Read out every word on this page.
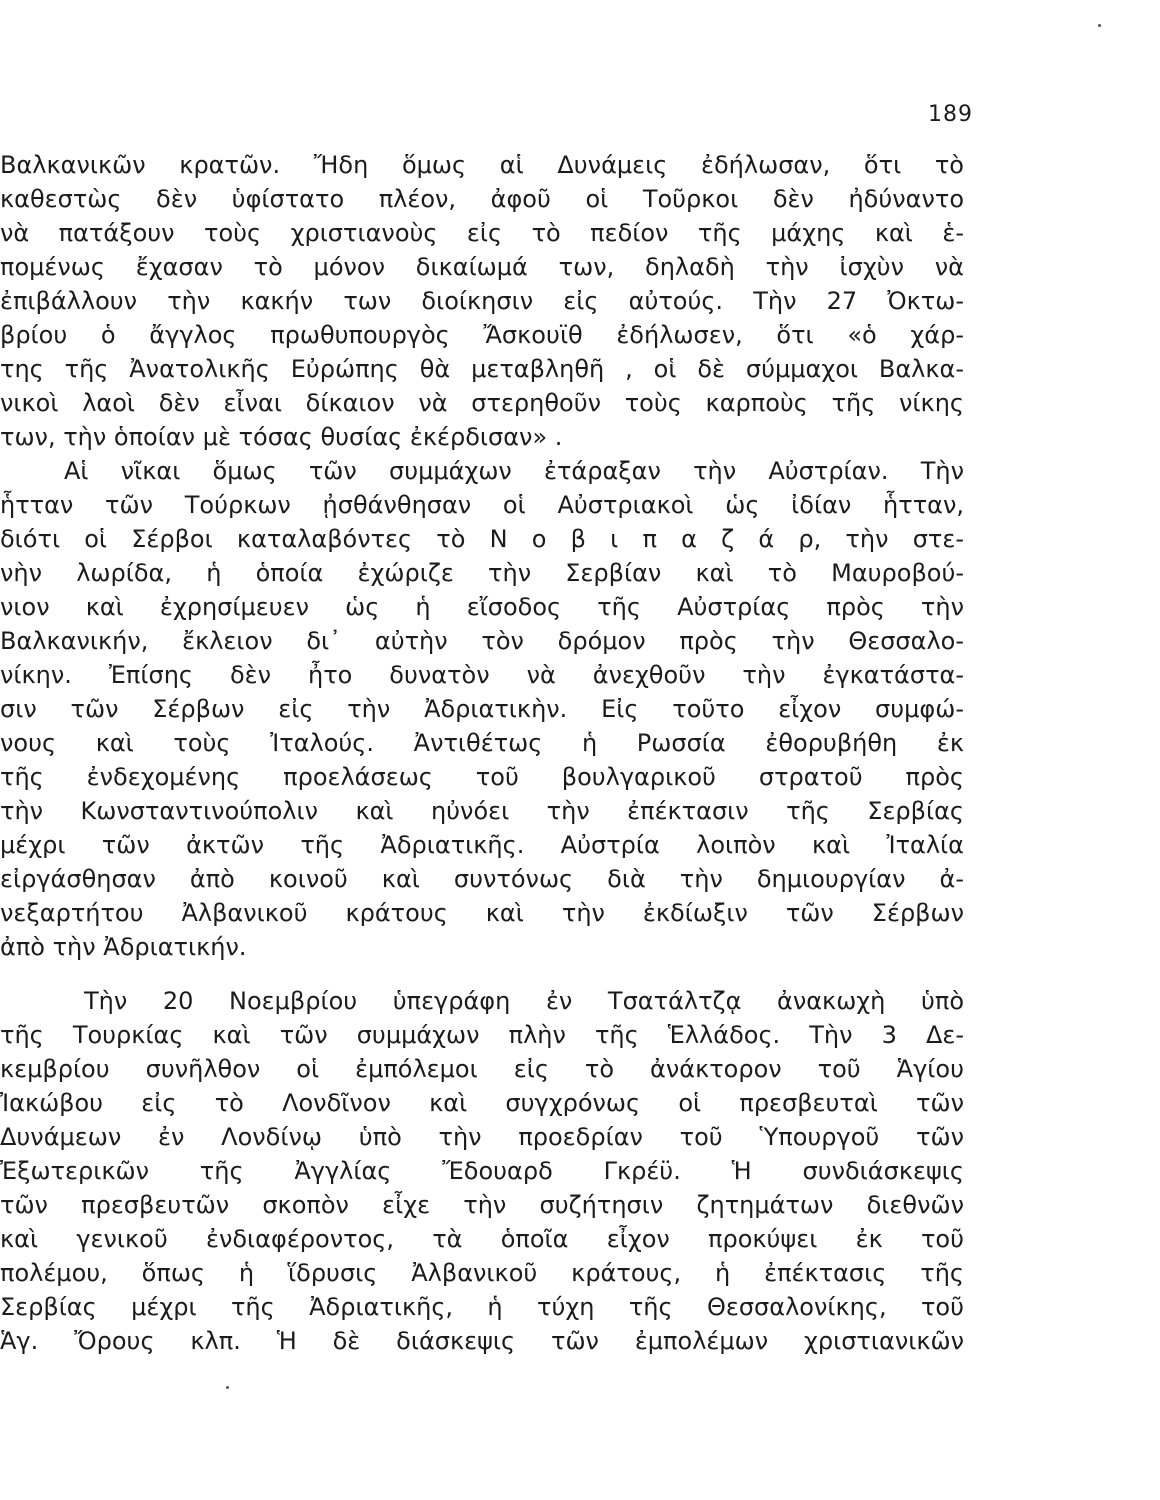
189
Βαλκανικῶν κρατῶν. Ἤδη ὅμως αἱ Δυνάμεις ἐδήλωσαν, ὅτι τὸ
καθεστὼς δὲν ὑφίστατο πλέον, ἀφοῦ οἱ Τοῦρκοι δὲν ἠδύναντο
νὰ πατάξουν τοὺς χριστιανοὺς εἰς τὸ πεδίον τῆς μάχης καὶ ἑ-
πομένως ἔχασαν τὸ μόνον δικαίωμά των, δηλαδὴ τὴν ἰσχὺν νὰ
ἐπιβάλλουν τὴν κακήν των διοίκησιν εἰς αὐτούς. Τὴν 27 Ὀκτω-
βρίου ὁ ἄγγλος πρωθυπουργὸς Ἄσκουϊθ ἐδήλωσεν, ὅτι «ὁ χάρ-
της τῆς Ἀνατολικῆς Εὐρώπης θὰ μεταβληθῆ , οἱ δὲ σύμμαχοι Βαλκα-
νικοὶ λαοὶ δὲν εἶναι δίκαιον νὰ στερηθοῦν τοὺς καρποὺς τῆς νίκης
των, τὴν ὁποίαν μὲ τόσας θυσίας ἐκέρδισαν» .
Αἱ νῖκαι ὅμως τῶν συμμάχων ἐτάραξαν τὴν Αὐστρίαν. Τὴν
ἧτταν τῶν Τούρκων ᾐσθάνθησαν οἱ Αὐστριακοὶ ὡς ἰδίαν ἧτταν,
διότι οἱ Σέρβοι καταλαβόντες τὸ Ν ο β ι π α ζ ά ρ, τὴν στε-
νὴν λωρίδα, ἡ ὁποία ἐχώριζε τὴν Σερβίαν καὶ τὸ Μαυροβού-
νιον καὶ ἐχρησίμευεν ὡς ἡ εἴσοδος τῆς Αὐστρίας πρὸς τὴν
Βαλκανικήν, ἔκλειον δι᾽ αὐτὴν τὸν δρόμον πρὸς τὴν Θεσσαλο-
νίκην. Ἐπίσης δὲν ἦτο δυνατὸν νὰ ἀνεχθοῦν τὴν ἐγκατάστα-
σιν τῶν Σέρβων εἰς τὴν Ἀδριατικὴν. Εἰς τοῦτο εἶχον συμφώ-
νους καὶ τοὺς Ἰταλούς. Ἀντιθέτως ἡ Ρωσσία ἐθορυβήθη ἐκ
τῆς ἐνδεχομένης προελάσεως τοῦ βουλγαρικοῦ στρατοῦ πρὸς
τὴν Κωνσταντινούπολιν καὶ ηὐνόει τὴν ἐπέκτασιν τῆς Σερβίας
μέχρι τῶν ἀκτῶν τῆς Ἀδριατικῆς. Αὐστρία λοιπὸν καὶ Ἰταλία
εἰργάσθησαν ἀπὸ κοινοῦ καὶ συντόνως διὰ τὴν δημιουργίαν ἀ-
νεξαρτήτου Ἀλβανικοῦ κράτους καὶ τὴν ἐκδίωξιν τῶν Σέρβων
ἀπὸ τὴν Ἀδριατικήν.
Τὴν 20 Νοεμβρίου ὑπεγράφη ἐν Τσατάλτζᾳ ἀνακωχὴ ὑπὸ
τῆς Τουρκίας καὶ τῶν συμμάχων πλὴν τῆς Ἑλλάδος. Τὴν 3 Δε-
κεμβρίου συνῆλθον οἱ ἐμπόλεμοι εἰς τὸ ἀνάκτορον τοῦ Ἁγίου
Ἰακώβου εἰς τὸ Λονδῖνον καὶ συγχρόνως οἱ πρεσβευταὶ τῶν
Δυνάμεων ἐν Λονδίνῳ ὑπὸ τὴν προεδρίαν τοῦ Ὑπουργοῦ τῶν
Ἐξωτερικῶν τῆς Ἀγγλίας Ἔδουαρδ Γκρέϋ. Ἡ συνδιάσκεψις
τῶν πρεσβευτῶν σκοπὸν εἶχε τὴν συζήτησιν ζητημάτων διεθνῶν
καὶ γενικοῦ ἐνδιαφέροντος, τὰ ὁποῖα εἶχον προκύψει ἐκ τοῦ
πολέμου, ὅπως ἡ ἵδρυσις Ἀλβανικοῦ κράτους, ἡ ἐπέκτασις τῆς
Σερβίας μέχρι τῆς Ἀδριατικῆς, ἡ τύχη τῆς Θεσσαλονίκης, τοῦ
Ἁγ. Ὄρους κλπ. Ἡ δὲ διάσκεψις τῶν ἐμπολέμων χριστιανικῶν
